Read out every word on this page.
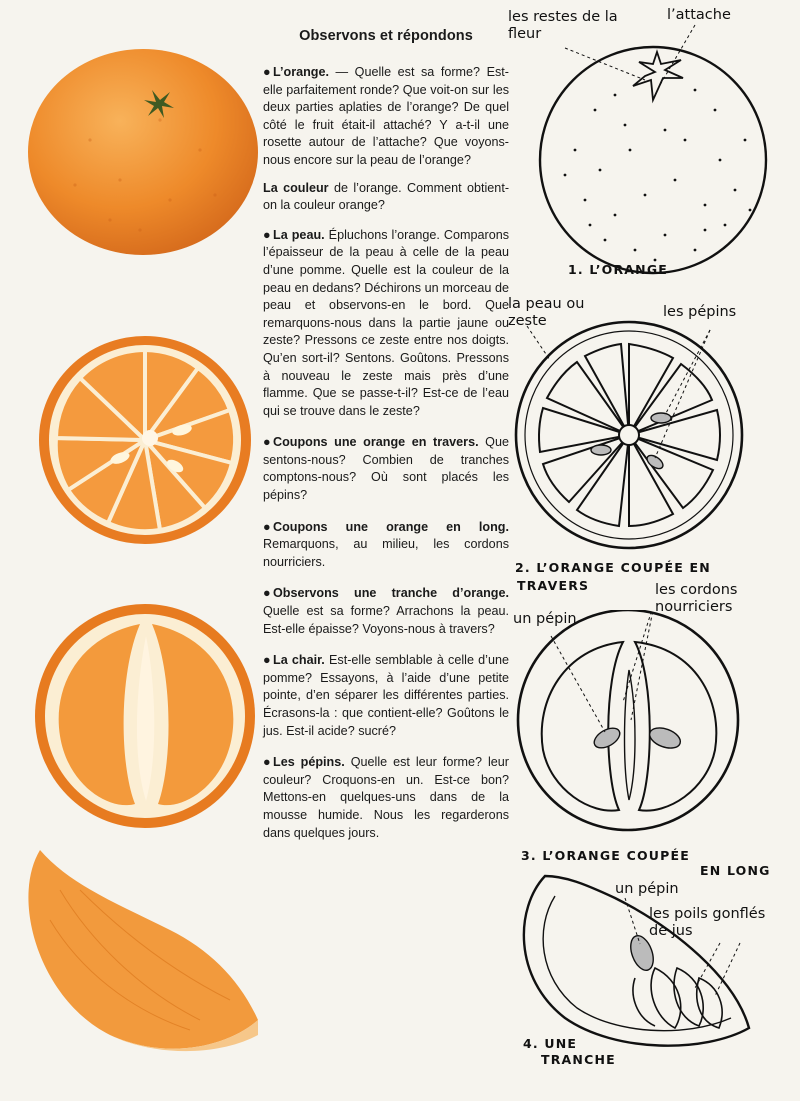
Observons et répondons

● L’orange. — Quelle est sa forme? Est-elle parfaitement ronde? Que voit-on sur les deux parties aplaties de l’orange? De quel côté le fruit était-il attaché? Y a-t-il une rosette autour de l’attache? Que voyons-nous encore sur la peau de l’orange?

La couleur de l’orange. Comment obtient-on la couleur orange?

● La peau. Épluchons l’orange. Comparons l’épaisseur de la peau à celle de la peau d’une pomme. Quelle est la couleur de la peau en dedans? Déchirons un morceau de peau et observons-en le bord. Que remarquons-nous dans la partie jaune ou zeste? Pressons ce zeste entre nos doigts. Qu’en sort-il? Sentons. Goûtons. Pressons à nouveau le zeste mais près d’une flamme. Que se passe-t-il? Est-ce de l’eau qui se trouve dans le zeste?

● Coupons une orange en travers. Que sentons-nous? Combien de tranches comptons-nous? Où sont placés les pépins?

● Coupons une orange en long. Remarquons, au milieu, les cordons nourriciers.

● Observons une tranche d’orange. Quelle est sa forme? Arrachons la peau. Est-elle épaisse? Voyons-nous à travers?

● La chair. Est-elle semblable à celle d’une pomme? Essayons, à l’aide d’une petite pointe, d’en séparer les différentes parties. Écrasons-la : que contient-elle? Goûtons le jus. Est-il acide? sucré?

● Les pépins. Quelle est leur forme? leur couleur? Croquons-en un. Est-ce bon? Mettons-en quelques-uns dans de la mousse humide. Nous les regarderons dans quelques jours.

les restes de la fleur
l’attache
1. L’ORANGE
la peau ou zeste
les pépins
2. L’ORANGE COUPÉE EN
TRAVERS	les cordons nourriciers
un pépin
3. L’ORANGE COUPÉE
EN LONG
un pépin
les poils gonflés de jus
4. UNE
TRANCHE
